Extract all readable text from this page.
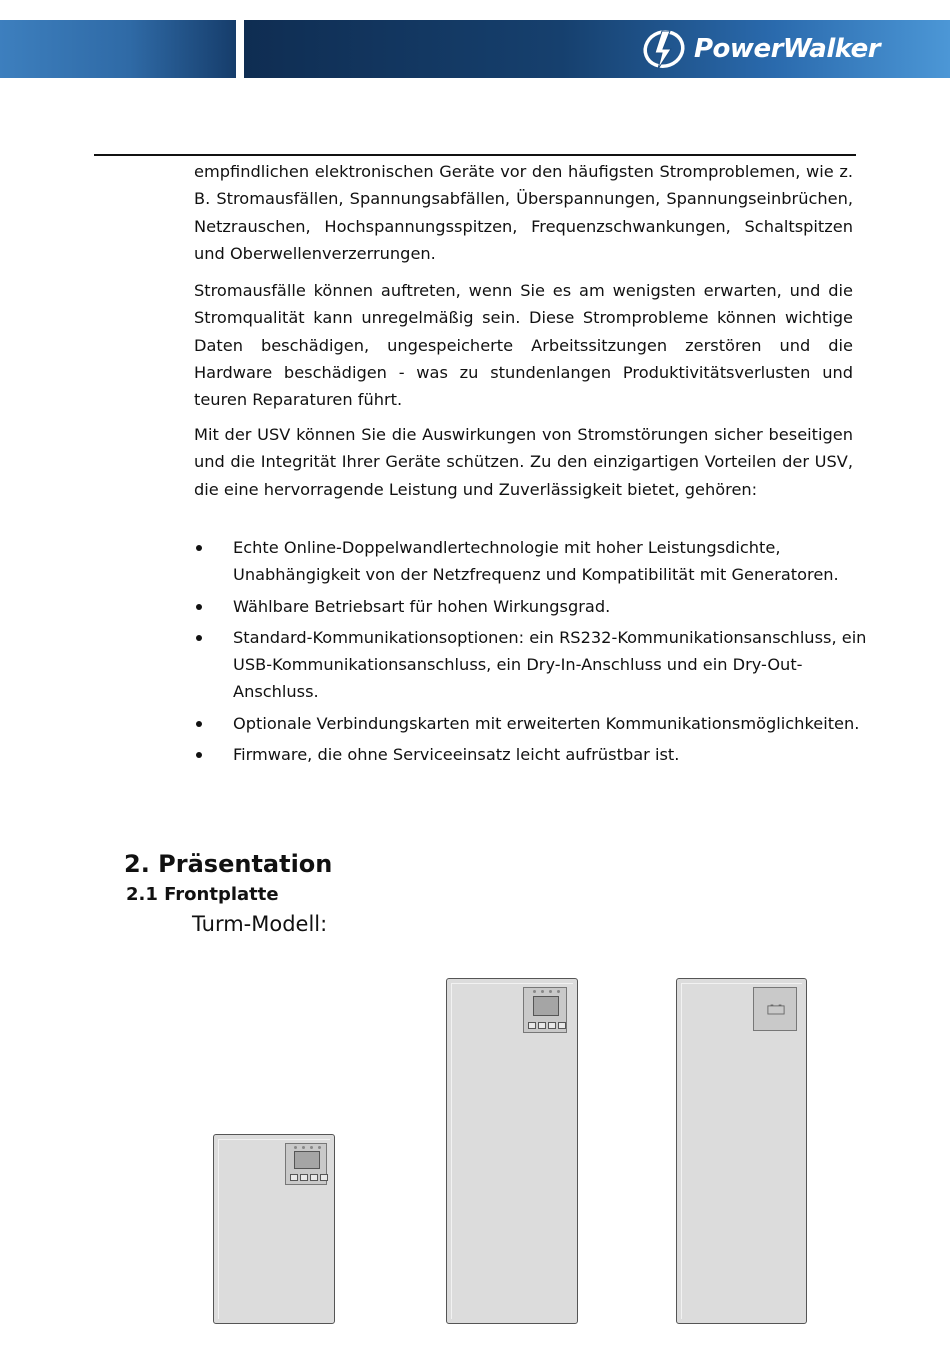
PowerWalker

empfindlichen elektronischen Geräte vor den häufigsten Stromproblemen, wie z. B. Stromausfällen, Spannungsabfällen, Überspannungen, Spannungseinbrüchen, Netzrauschen, Hochspannungsspitzen, Frequenzschwankungen, Schaltspitzen und Oberwellenverzerrungen.

Stromausfälle können auftreten, wenn Sie es am wenigsten erwarten, und die Stromqualität kann unregelmäßig sein. Diese Stromprobleme können wichtige Daten beschädigen, ungespeicherte Arbeitssitzungen zerstören und die Hardware beschädigen - was zu stundenlangen Produktivitätsverlusten und teuren Reparaturen führt.

Mit der USV können Sie die Auswirkungen von Stromstörungen sicher beseitigen und die Integrität Ihrer Geräte schützen. Zu den einzigartigen Vorteilen der USV, die eine hervorragende Leistung und Zuverlässigkeit bietet, gehören:

Echte Online-Doppelwandlertechnologie mit hoher Leistungsdichte, Unabhängigkeit von der Netzfrequenz und Kompatibilität mit Generatoren.
Wählbare Betriebsart für hohen Wirkungsgrad.
Standard-Kommunikationsoptionen: ein RS232-Kommunikationsanschluss, ein USB-Kommunikationsanschluss, ein Dry-In-Anschluss und ein Dry-Out-Anschluss.
Optionale Verbindungskarten mit erweiterten Kommunikationsmöglichkeiten.
Firmware, die ohne Serviceeinsatz leicht aufrüstbar ist.
2. Präsentation
2.1 Frontplatte

Turm-Modell:
